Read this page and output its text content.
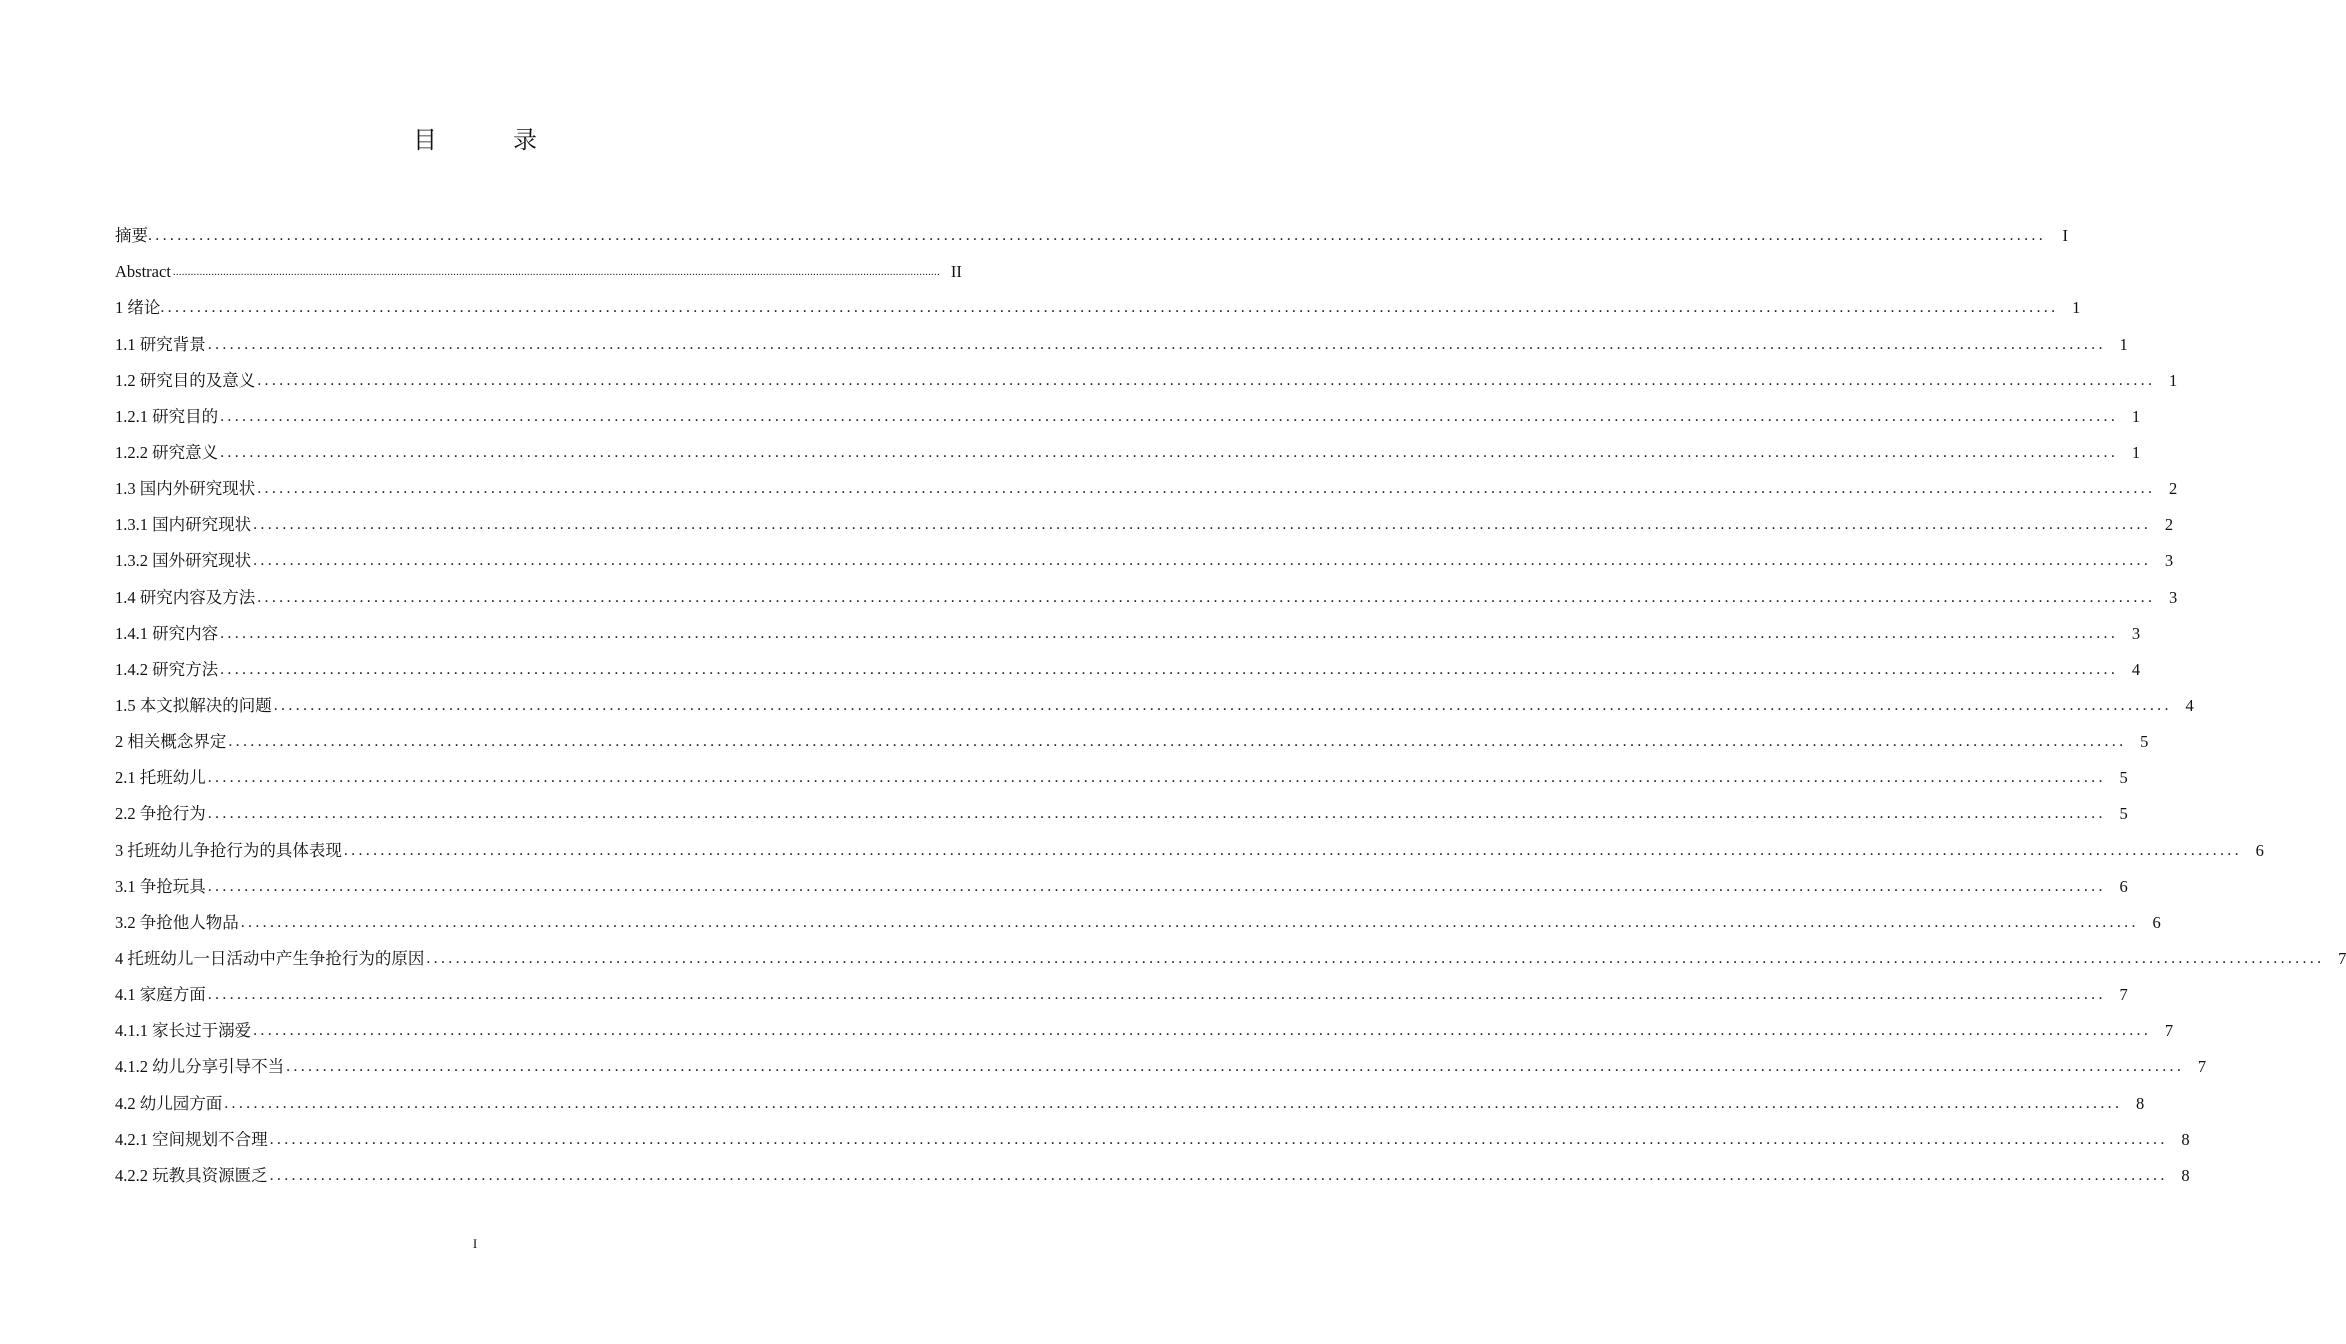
目　录
摘要 ....................................................................................................................................................................................................................................................................	I
Abstract .................................................................................................................................................................................................................................................................... II
1 绪论 .................................................................................................................................................................................................................................................................... 1
1.1 研究背景 .................................................................................................................................................................................................................................................................... 1
1.2 研究目的及意义 .................................................................................................................................................................................................................................................................... 1
1.2.1 研究目的 .................................................................................................................................................................................................................................................................... 1
1.2.2 研究意义 .................................................................................................................................................................................................................................................................... 1
1.3 国内外研究现状 .................................................................................................................................................................................................................................................................... 2
1.3.1 国内研究现状 .................................................................................................................................................................................................................................................................... 2
1.3.2 国外研究现状 .................................................................................................................................................................................................................................................................... 3
1.4 研究内容及方法 .................................................................................................................................................................................................................................................................... 3
1.4.1 研究内容 .................................................................................................................................................................................................................................................................... 3
1.4.2 研究方法 .................................................................................................................................................................................................................................................................... 4
1.5 本文拟解决的问题 .................................................................................................................................................................................................................................................................... 4
2 相关概念界定 .................................................................................................................................................................................................................................................................... 5
2.1 托班幼儿 .................................................................................................................................................................................................................................................................... 5
2.2 争抢行为 .................................................................................................................................................................................................................................................................... 5
3 托班幼儿争抢行为的具体表现 .................................................................................................................................................................................................................................................................... 6
3.1 争抢玩具 .................................................................................................................................................................................................................................................................... 6
3.2 争抢他人物品 .................................................................................................................................................................................................................................................................... 6
4 托班幼儿一日活动中产生争抢行为的原因 .................................................................................................................................................................................................................................................................... 7
4.1 家庭方面 .................................................................................................................................................................................................................................................................... 7
4.1.1 家长过于溺爱 .................................................................................................................................................................................................................................................................... 7
4.1.2 幼儿分享引导不当 .................................................................................................................................................................................................................................................................... 7
4.2 幼儿园方面 .................................................................................................................................................................................................................................................................... 8
4.2.1 空间规划不合理 .................................................................................................................................................................................................................................................................... 8
4.2.2 玩教具资源匮乏 .................................................................................................................................................................................................................................................................... 8
I
